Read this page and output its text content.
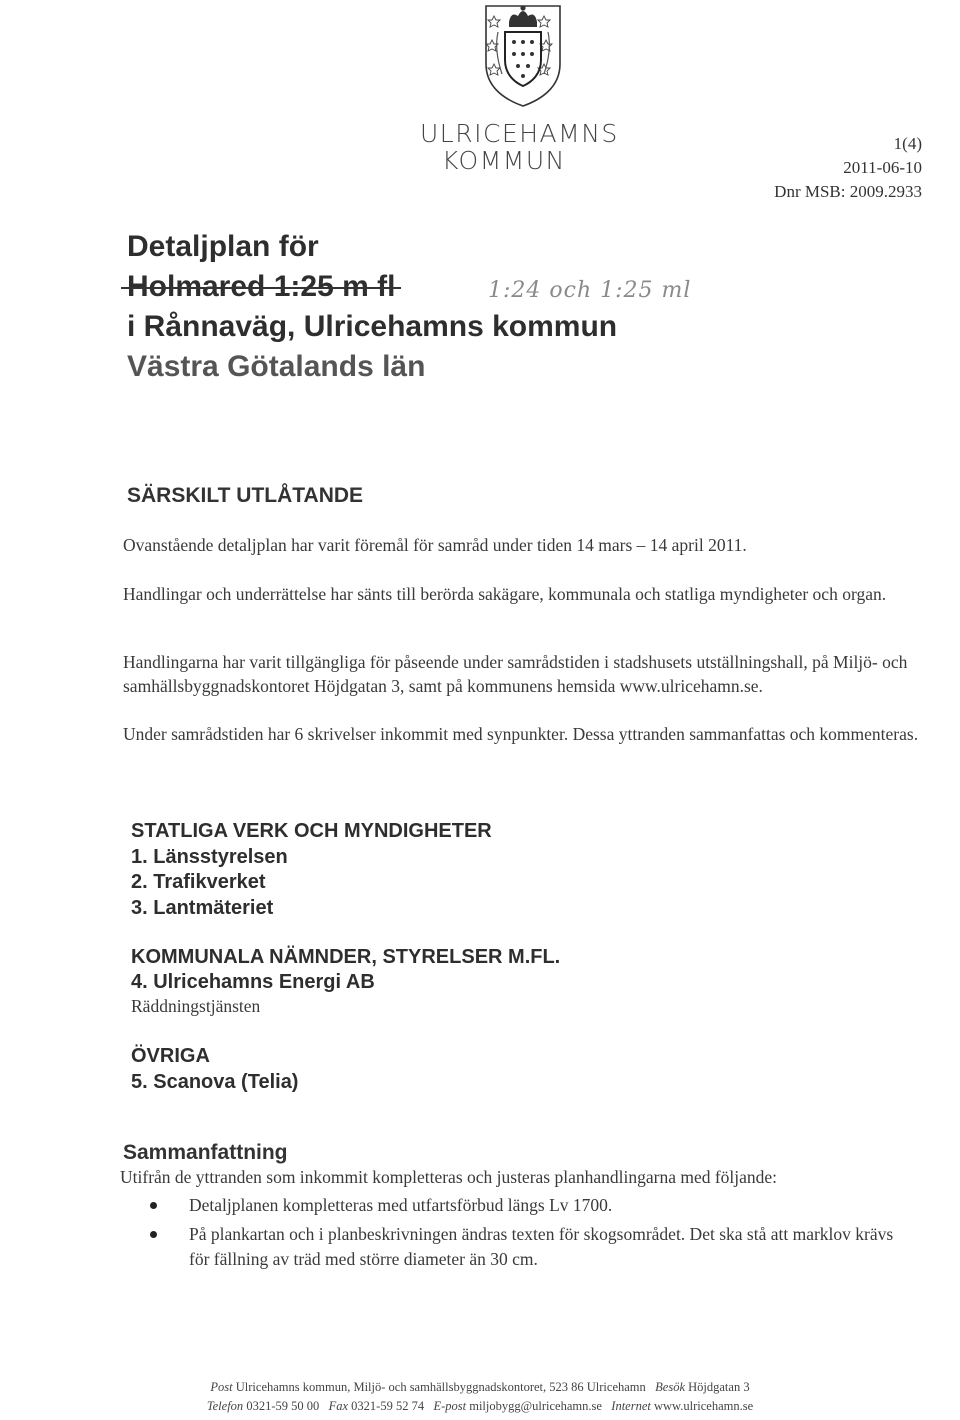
ULRICEHAMNS
KOMMUN
1(4)
2011-06-10
Dnr MSB: 2009.2933
Detaljplan för
Holmared 1:25 m fl	1:24 och 1:25 ml
i Rånnaväg, Ulricehamns kommun
Västra Götalands län
SÄRSKILT UTLÅTANDE
Ovanstående detaljplan har varit föremål för samråd under tiden 14 mars – 14 april 2011.
Handlingar och underrättelse har sänts till berörda sakägare, kommunala och statliga myndigheter och organ.
Handlingarna har varit tillgängliga för påseende under samrådstiden i stadshusets utställningshall, på Miljö- och samhällsbyggnadskontoret Höjdgatan 3, samt på kommunens hemsida www.ulricehamn.se.
Under samrådstiden har 6 skrivelser inkommit med synpunkter. Dessa yttranden sammanfattas och kommenteras.
STATLIGA VERK OCH MYNDIGHETER
1. Länsstyrelsen
2. Trafikverket
3. Lantmäteriet
KOMMUNALA NÄMNDER, STYRELSER M.FL.
4. Ulricehamns Energi AB
Räddningstjänsten
ÖVRIGA
5. Scanova (Telia)
Sammanfattning
Utifrån de yttranden som inkommit kompletteras och justeras planhandlingarna med följande:
Detaljplanen kompletteras med utfartsförbud längs Lv 1700.
På plankartan och i planbeskrivningen ändras texten för skogsområdet. Det ska stå att marklov krävs för fällning av träd med större diameter än 30 cm.
Post Ulricehamns kommun, Miljö- och samhällsbyggnadskontoret, 523 86 Ulricehamn Besök Höjdgatan 3
Telefon 0321-59 50 00 Fax 0321-59 52 74 E-post miljobygg@ulricehamn.se Internet www.ulricehamn.se
